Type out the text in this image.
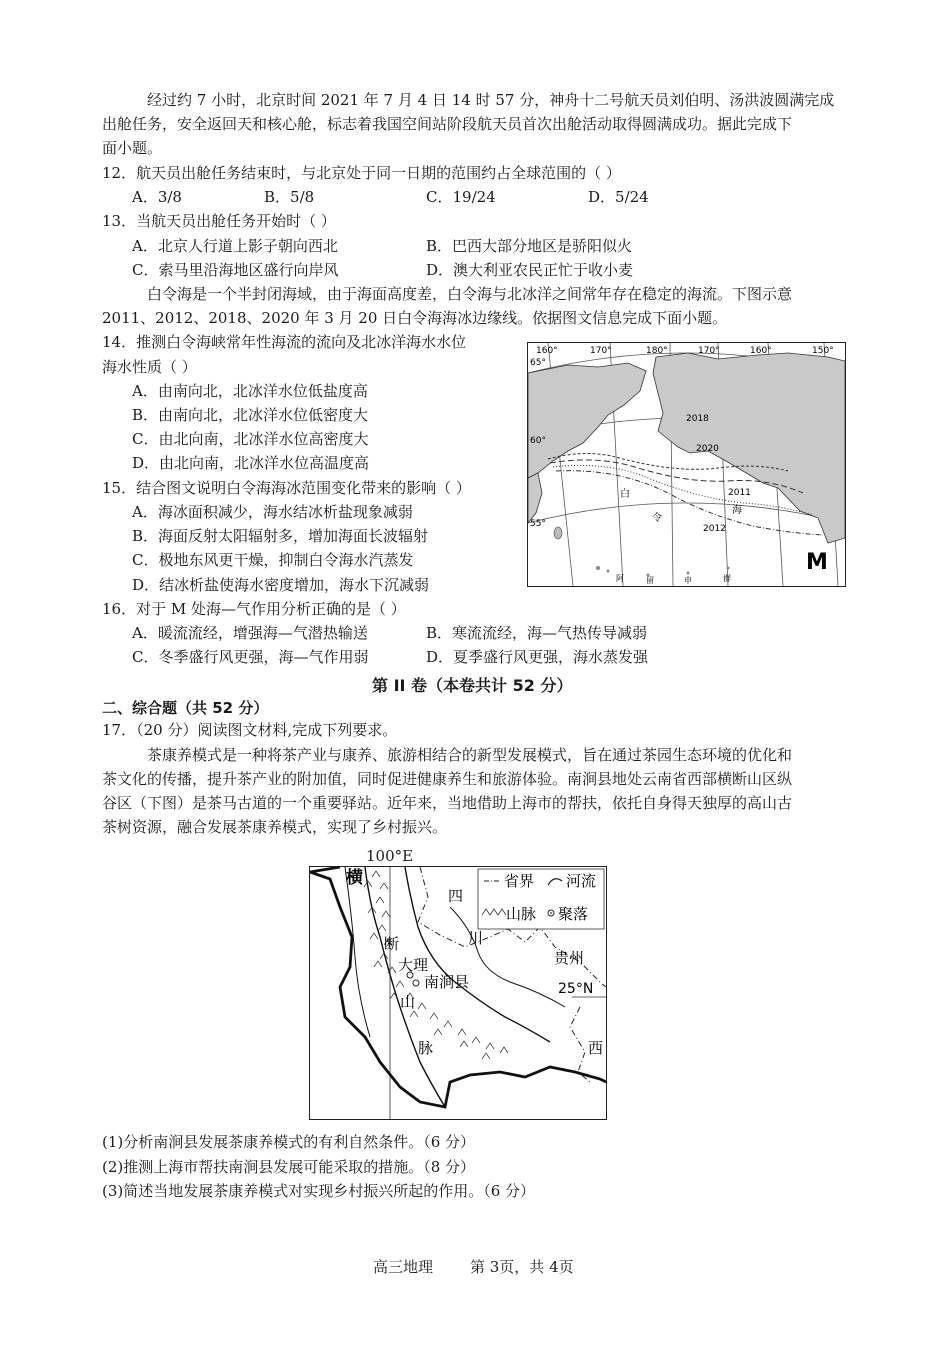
经过约 7 小时，北京时间 2021 年 7 月 4 日 14 时 57 分，神舟十二号航天员刘伯明、汤洪波圆满完成
出舱任务，安全返回天和核心舱，标志着我国空间站阶段航天员首次出舱活动取得圆满成功。据此完成下
面小题。
12．航天员出舱任务结束时，与北京处于同一日期的范围约占全球范围的（ ）
A．3/8	B．5/8	C．19/24	D．5/24
13．当航天员出舱任务开始时（ ）
A．北京人行道上影子朝向西北	B．巴西大部分地区是骄阳似火
C．索马里沿海地区盛行向岸风	D．澳大利亚农民正忙于收小麦
白令海是一个半封闭海域，由于海面高度差，白令海与北冰洋之间常年存在稳定的海流。下图示意
2011、2012、2018、2020 年 3 月 20 日白令海海冰边缘线。依据图文信息完成下面小题。
14．推测白令海峡常年性海流的流向及北冰洋海水水位
海水性质（ ）
A．由南向北，北冰洋水位低盐度高
B．由南向北，北冰洋水位低密度大
C．由北向南，北冰洋水位高密度大
D．由北向南，北冰洋水位高温度高
15．结合图文说明白令海海冰范围变化带来的影响（ ）
A．海冰面积减少，海水结冰析盐现象减弱
B．海面反射太阳辐射多，增加海面长波辐射
C．极地东风更干燥，抑制白令海水汽蒸发
D．结冰析盐使海水密度增加，海水下沉减弱
160°	170°	180°	170°	160°	150°
65°
60°
55°
2018
2020
2011
2012
白
令
海
阿	留	申	群
M
16．对于 M 处海—气作用分析正确的是（ ）
A．暖流流经，增强海—气潜热输送	B．寒流流经，海—气热传导减弱
C．冬季盛行风更强，海—气作用弱	D．夏季盛行风更强，海水蒸发强
第 II 卷（本卷共计 52 分）
二、综合题（共 52 分）
17．（20 分）阅读图文材料,完成下列要求。
茶康养模式是一种将茶产业与康养、旅游相结合的新型发展模式，旨在通过茶园生态环境的优化和
茶文化的传播，提升茶产业的附加值，同时促进健康养生和旅游体验。南涧县地处云南省西部横断山区纵
谷区（下图）是茶马古道的一个重要驿站。近年来，当地借助上海市的帮扶，依托自身得天独厚的高山古
茶树资源，融合发展茶康养模式，实现了乡村振兴。
省界 河流
山脉 聚落
大理
南涧县
四
川
贵州
西
横
断
山
脉
25°N
100°E
(1)分析南涧县发展茶康养模式的有利自然条件。（6 分）
(2)推测上海市帮扶南涧县发展可能采取的措施。（8 分）
(3)简述当地发展茶康养模式对实现乡村振兴所起的作用。（6 分）
高三地理 第 3页，共 4页
